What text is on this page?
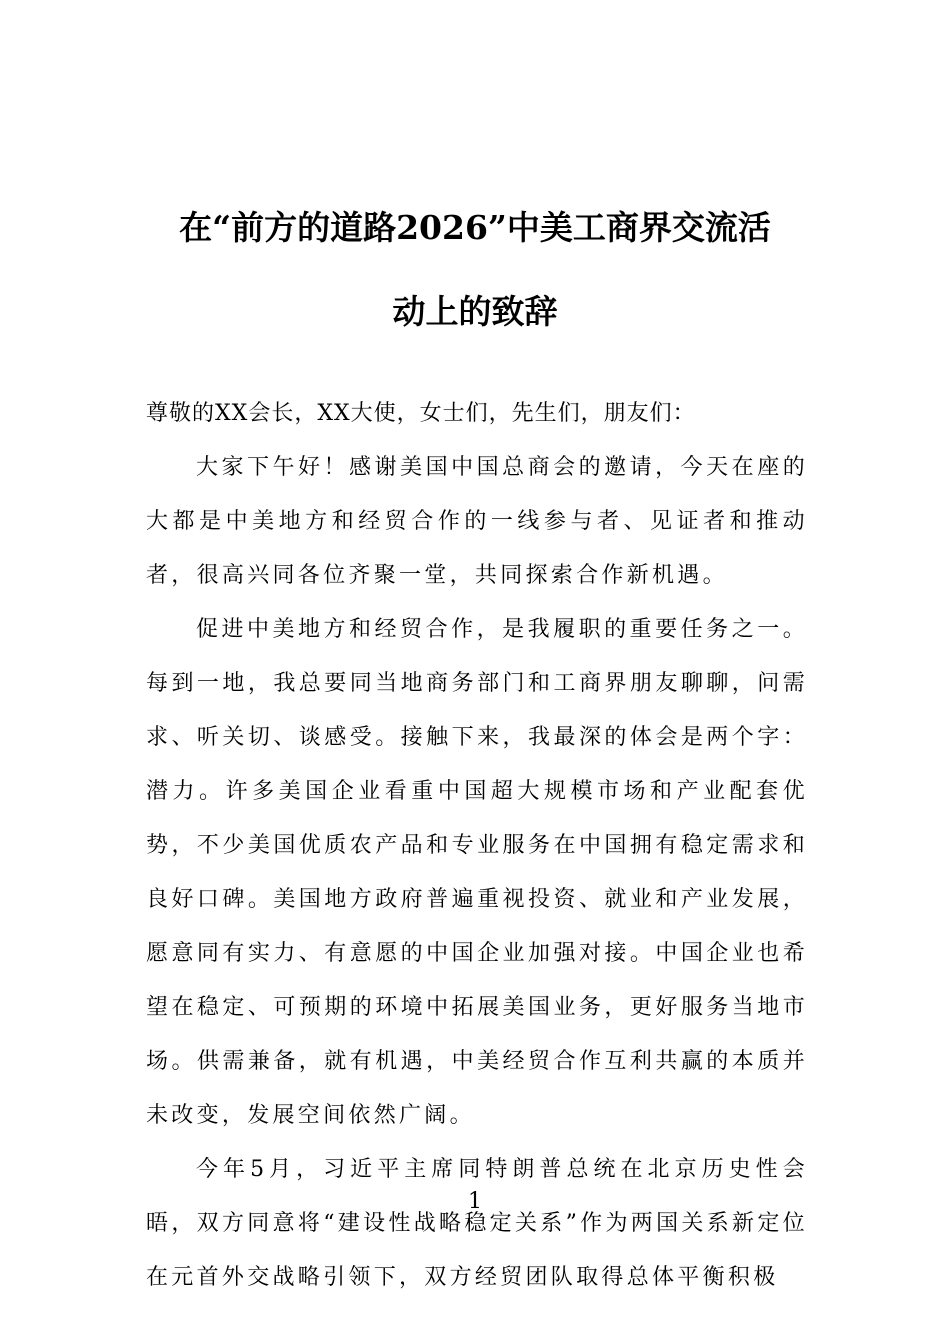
在“前方的道路2026”中美工商界交流活
动上的致辞

尊敬的XX会长，XX大使，女士们，先生们，朋友们：

大家下午好！感谢美国中国总商会的邀请，今天在座的大都是中美地方和经贸合作的一线参与者、见证者和推动者，很高兴同各位齐聚一堂，共同探索合作新机遇。

促进中美地方和经贸合作，是我履职的重要任务之一。每到一地，我总要同当地商务部门和工商界朋友聊聊，问需求、听关切、谈感受。接触下来，我最深的体会是两个字：潜力。许多美国企业看重中国超大规模市场和产业配套优势，不少美国优质农产品和专业服务在中国拥有稳定需求和良好口碑。美国地方政府普遍重视投资、就业和产业发展，愿意同有实力、有意愿的中国企业加强对接。中国企业也希望在稳定、可预期的环境中拓展美国业务，更好服务当地市场。供需兼备，就有机遇，中美经贸合作互利共赢的本质并未改变，发展空间依然广阔。

今年5月，习近平主席同特朗普总统在北京历史性会晤，双方同意将“建设性战略稳定关系”作为两国关系新定位在元首外交战略引领下，双方经贸团队取得总体平衡积极

1
